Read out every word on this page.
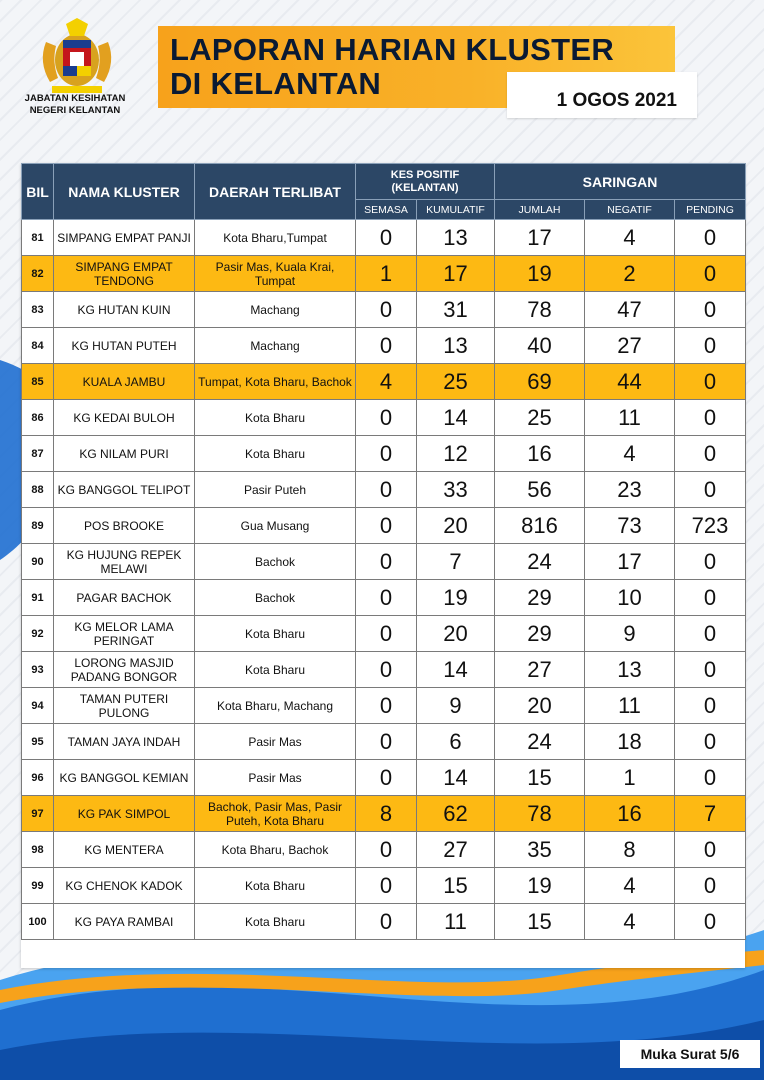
JABATAN KESIHATAN
NEGERI KELANTAN
LAPORAN HARIAN KLUSTER
DI KELANTAN	1 OGOS 2021
BIL	NAMA KLUSTER	DAERAH TERLIBAT	KES POSITIF
(KELANTAN)		SARINGAN		
			SEMASA	KUMULATIF	JUMLAH	NEGATIF	PENDING
81	SIMPANG EMPAT PANJI	Kota Bharu,Tumpat	0	13	17	4	0
82	SIMPANG EMPAT TENDONG	Pasir Mas, Kuala Krai, Tumpat	1	17	19	2	0
83	KG HUTAN KUIN	Machang	0	31	78	47	0
84	KG HUTAN PUTEH	Machang	0	13	40	27	0
85	KUALA JAMBU	Tumpat, Kota Bharu, Bachok	4	25	69	44	0
86	KG KEDAI BULOH	Kota Bharu	0	14	25	11	0
87	KG NILAM PURI	Kota Bharu	0	12	16	4	0
88	KG BANGGOL TELIPOT	Pasir Puteh	0	33	56	23	0
89	POS BROOKE	Gua Musang	0	20	816	73	723
90	KG HUJUNG REPEK MELAWI	Bachok	0	7	24	17	0
91	PAGAR BACHOK	Bachok	0	19	29	10	0
92	KG MELOR LAMA PERINGAT	Kota Bharu	0	20	29	9	0
93	LORONG MASJID PADANG BONGOR	Kota Bharu	0	14	27	13	0
94	TAMAN PUTERI PULONG	Kota Bharu, Machang	0	9	20	11	0
95	TAMAN JAYA INDAH	Pasir Mas	0	6	24	18	0
96	KG BANGGOL KEMIAN	Pasir Mas	0	14	15	1	0
97	KG PAK SIMPOL	Bachok, Pasir Mas, Pasir Puteh, Kota Bharu	8	62	78	16	7
98	KG MENTERA	Kota Bharu, Bachok	0	27	35	8	0
99	KG CHENOK KADOK	Kota Bharu	0	15	19	4	0
100	KG PAYA RAMBAI	Kota Bharu	0	11	15	4	0
Muka Surat 5/6
